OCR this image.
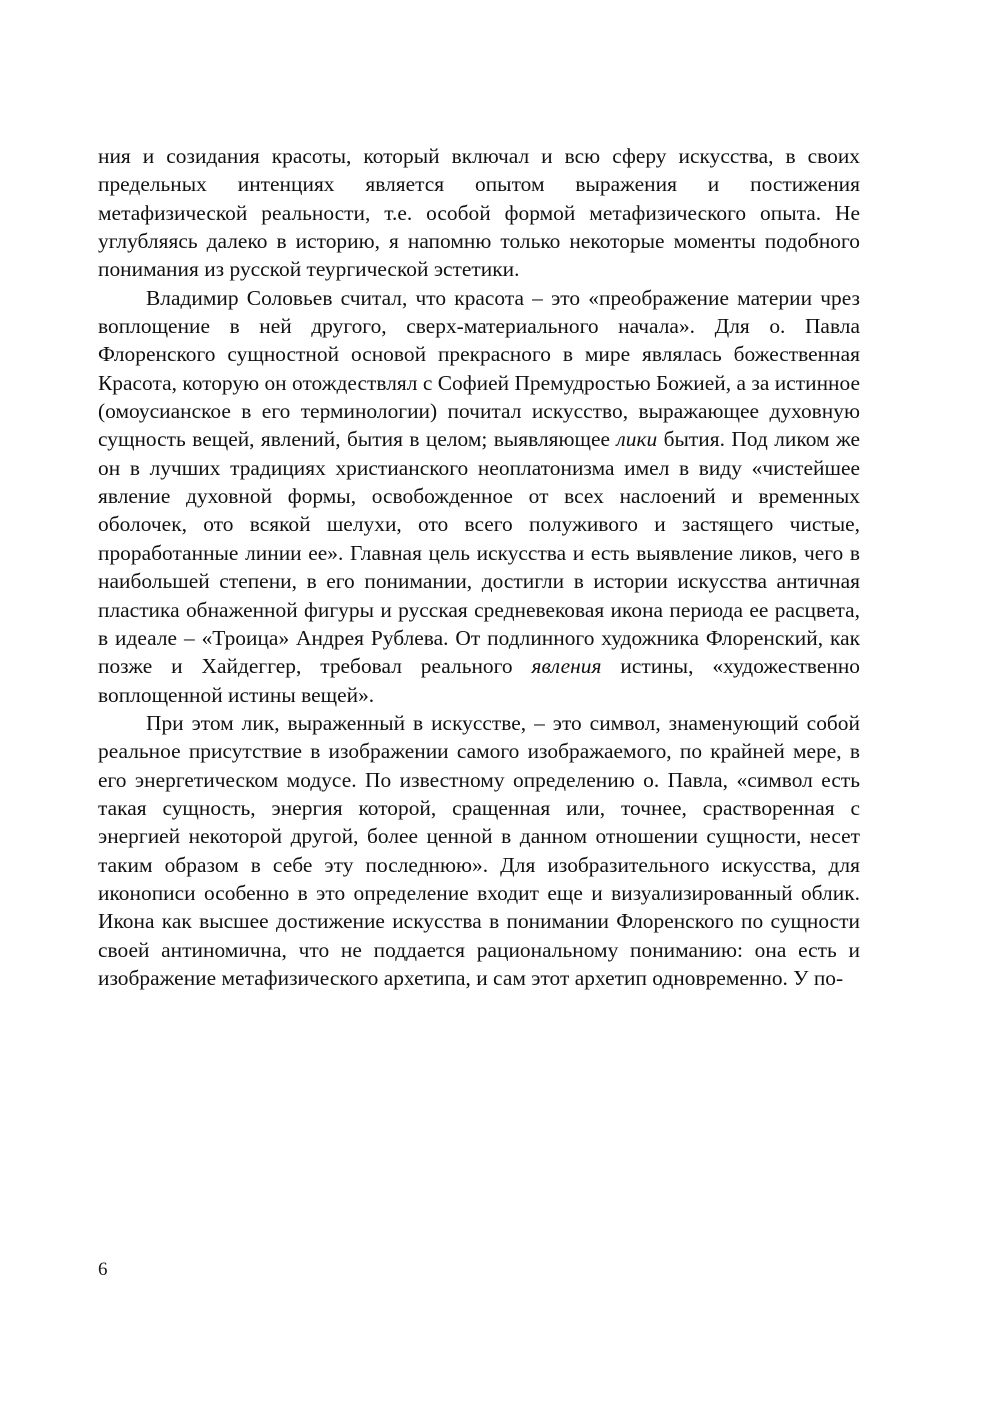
ния и созидания красоты, который включал и всю сферу искусства, в своих предельных интенциях является опытом выражения и постижения метафизической реальности, т.е. особой формой метафизического опыта. Не углубляясь далеко в историю, я напомню только некоторые моменты подобного понимания из русской теургической эстетики.

Владимир Соловьев считал, что красота – это «преображение материи чрез воплощение в ней другого, сверх-материального начала». Для о. Павла Флоренского сущностной основой прекрасного в мире являлась божественная Красота, которую он отождествлял с Софией Премудростью Божией, а за истинное (омоусианское в его терминологии) почитал искусство, выражающее духовную сущность вещей, явлений, бытия в целом; выявляющее лики бытия. Под ликом же он в лучших традициях христианского неоплатонизма имел в виду «чистейшее явление духовной формы, освобожденное от всех наслоений и временных оболочек, ото всякой шелухи, ото всего полуживого и застящего чистые, проработанные линии ее». Главная цель искусства и есть выявление ликов, чего в наибольшей степени, в его понимании, достигли в истории искусства античная пластика обнаженной фигуры и русская средневековая икона периода ее расцвета, в идеале – «Троица» Андрея Рублева. От подлинного художника Флоренский, как позже и Хайдеггер, требовал реального явления истины, «художественно воплощенной истины вещей».

При этом лик, выраженный в искусстве, – это символ, знаменующий собой реальное присутствие в изображении самого изображаемого, по крайней мере, в его энергетическом модусе. По известному определению о. Павла, «символ есть такая сущность, энергия которой, сращенная или, точнее, срастворенная с энергией некоторой другой, более ценной в данном отношении сущности, несет таким образом в себе эту последнюю». Для изобразительного искусства, для иконописи особенно в это определение входит еще и визуализированный облик. Икона как высшее достижение искусства в понимании Флоренского по сущности своей антиномична, что не поддается рациональному пониманию: она есть и изображение метафизического архетипа, и сам этот архетип одновременно. У по-

6
